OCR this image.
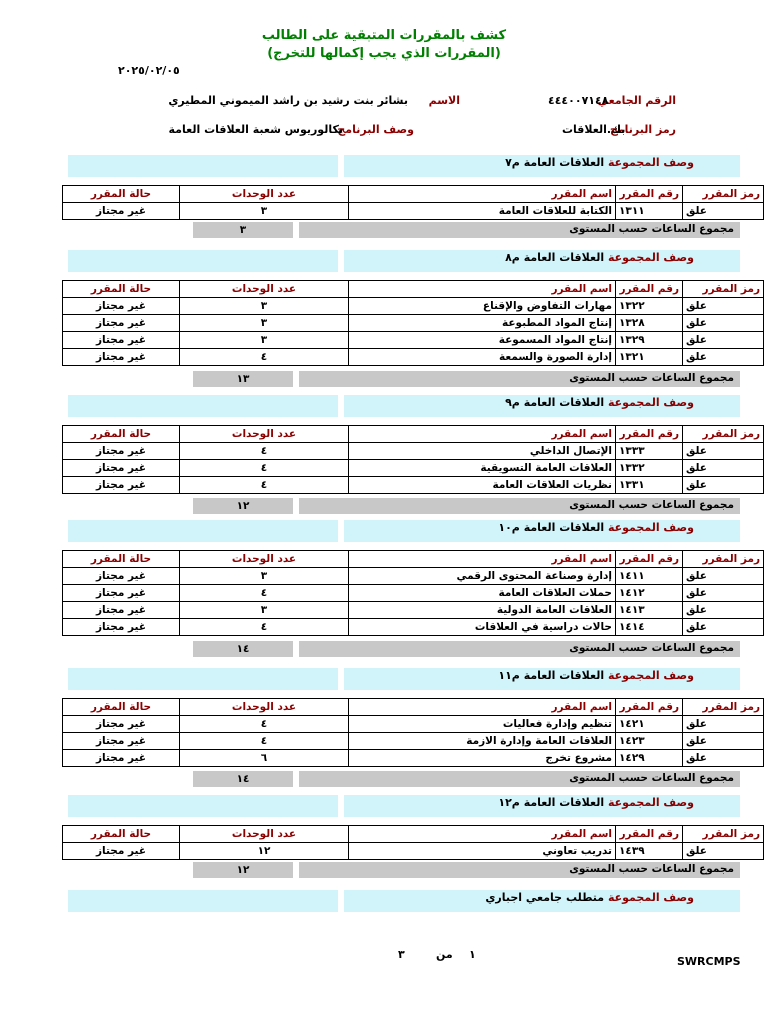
كشف بالمقررات المتبقية على الطالب
(المقررات الذي يجب إكمالها للتخرج)
٢٠٢٥/٠٢/٠٥
الرقم الجامعي
٤٤٤٠٠٧١٤٨
الاسم
بشائر بنت رشيد بن راشد الميموني المطيري
رمز البرنامج
بك.العلاقات
وصف البرنامج
بكالوريوس شعبة العلاقات العامة
وصف المجموعة العلاقات العامة م٧
حالة المقرر	عدد الوحدات	اسم المقرر	رقم المقرر	رمز المقرر
غير مجتاز	٣	الكتابة للعلاقات العامة	١٣١١	علق
٣	مجموع الساعات حسب المستوى
وصف المجموعة العلاقات العامة م٨
حالة المقرر	عدد الوحدات	اسم المقرر	رقم المقرر	رمز المقرر
غير مجتاز	٣	مهارات التفاوض والإقناع	١٣٢٢	علق
غير مجتاز	٣	إنتاج المواد المطبوعة	١٣٢٨	علق
غير مجتاز	٣	إنتاج المواد المسموعة	١٣٢٩	علق
غير مجتاز	٤	إدارة الصورة والسمعة	١٣٢١	علق
١٣	مجموع الساعات حسب المستوى
وصف المجموعة العلاقات العامة م٩
حالة المقرر	عدد الوحدات	اسم المقرر	رقم المقرر	رمز المقرر
غير مجتاز	٤	الإتصال الداخلي	١٣٣٣	علق
غير مجتاز	٤	العلاقات العامة التسويقية	١٣٣٢	علق
غير مجتاز	٤	نظريات العلاقات العامة	١٣٣١	علق
١٢	مجموع الساعات حسب المستوى
وصف المجموعة العلاقات العامة م١٠
حالة المقرر	عدد الوحدات	اسم المقرر	رقم المقرر	رمز المقرر
غير مجتاز	٣	إدارة وصناعة المحتوى الرقمي	١٤١١	علق
غير مجتاز	٤	حملات العلاقات العامة	١٤١٢	علق
غير مجتاز	٣	العلاقات العامة الدولية	١٤١٣	علق
غير مجتاز	٤	حالات دراسية في العلاقات	١٤١٤	علق
١٤	مجموع الساعات حسب المستوى
وصف المجموعة العلاقات العامة م١١
حالة المقرر	عدد الوحدات	اسم المقرر	رقم المقرر	رمز المقرر
غير مجتاز	٤	تنظيم وإدارة فعاليات	١٤٢١	علق
غير مجتاز	٤	العلاقات العامة وإدارة الازمة	١٤٢٣	علق
غير مجتاز	٦	مشروع تخرج	١٤٢٩	علق
١٤	مجموع الساعات حسب المستوى
وصف المجموعة العلاقات العامة م١٢
حالة المقرر	عدد الوحدات	اسم المقرر	رقم المقرر	رمز المقرر
غير مجتاز	١٢	تدريب تعاوني	١٤٣٩	علق
١٢	مجموع الساعات حسب المستوى
وصف المجموعة متطلب جامعي اجباري
٣	من ١
SWRCMPS
